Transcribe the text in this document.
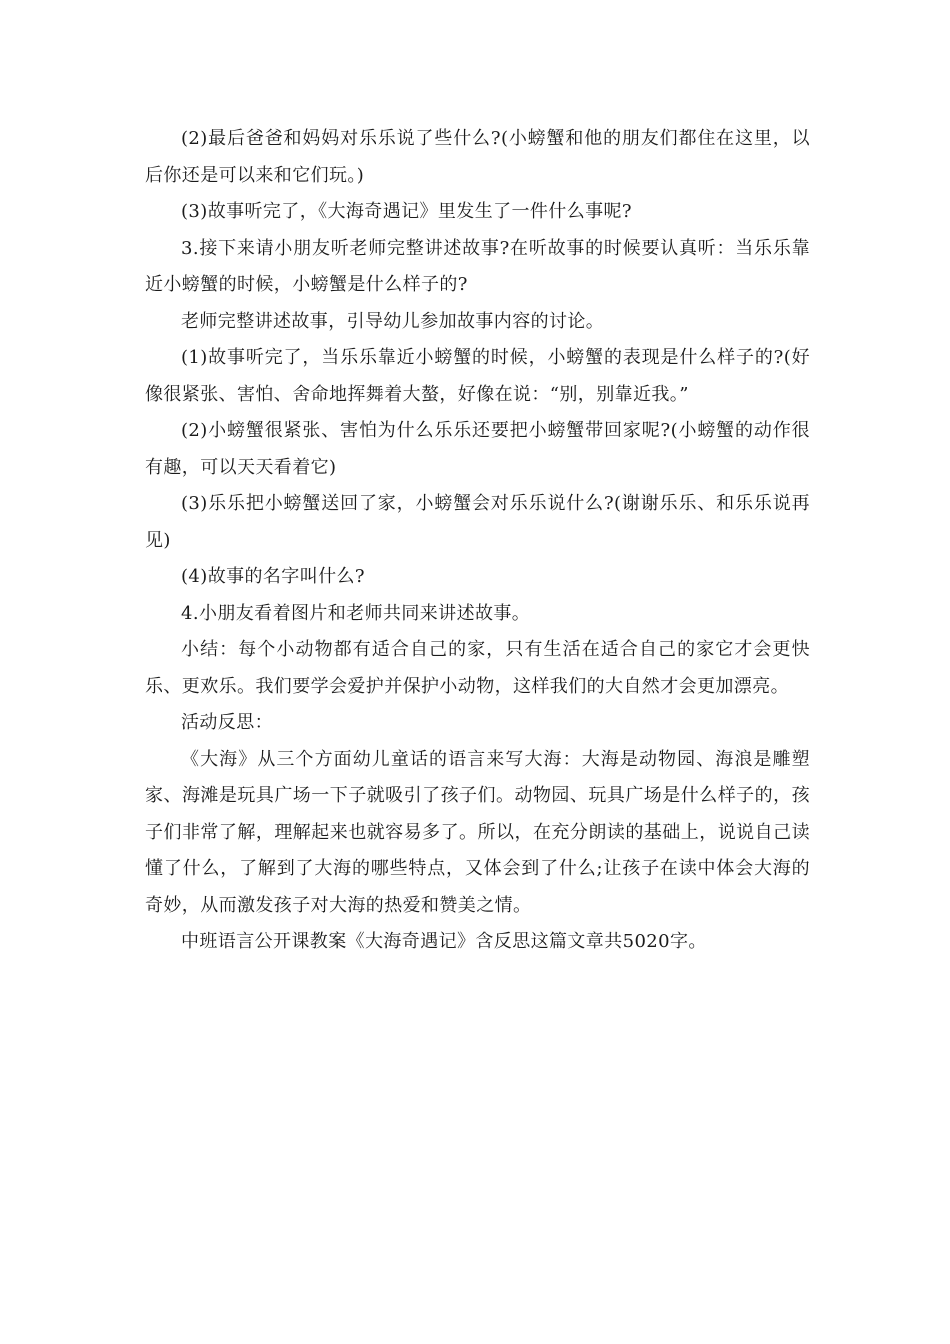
(2)最后爸爸和妈妈对乐乐说了些什么?(小螃蟹和他的朋友们都住在这里，以后你还是可以来和它们玩。)

(3)故事听完了，《大海奇遇记》里发生了一件什么事呢?

3.接下来请小朋友听老师完整讲述故事?在听故事的时候要认真听：当乐乐靠近小螃蟹的时候，小螃蟹是什么样子的?

老师完整讲述故事，引导幼儿参加故事内容的讨论。

(1)故事听完了，当乐乐靠近小螃蟹的时候，小螃蟹的表现是什么样子的?(好像很紧张、害怕、舍命地挥舞着大螯，好像在说：“别，别靠近我。”

(2)小螃蟹很紧张、害怕为什么乐乐还要把小螃蟹带回家呢?(小螃蟹的动作很有趣，可以天天看着它)

(3)乐乐把小螃蟹送回了家，小螃蟹会对乐乐说什么?(谢谢乐乐、和乐乐说再见)

(4)故事的名字叫什么?

4.小朋友看着图片和老师共同来讲述故事。

小结：每个小动物都有适合自己的家，只有生活在适合自己的家它才会更快乐、更欢乐。我们要学会爱护并保护小动物，这样我们的大自然才会更加漂亮。

活动反思：

《大海》从三个方面幼儿童话的语言来写大海：大海是动物园、海浪是雕塑家、海滩是玩具广场一下子就吸引了孩子们。动物园、玩具广场是什么样子的，孩子们非常了解，理解起来也就容易多了。所以，在充分朗读的基础上，说说自己读懂了什么，了解到了大海的哪些特点，又体会到了什么;让孩子在读中体会大海的奇妙，从而激发孩子对大海的热爱和赞美之情。

中班语言公开课教案《大海奇遇记》含反思这篇文章共5020字。
